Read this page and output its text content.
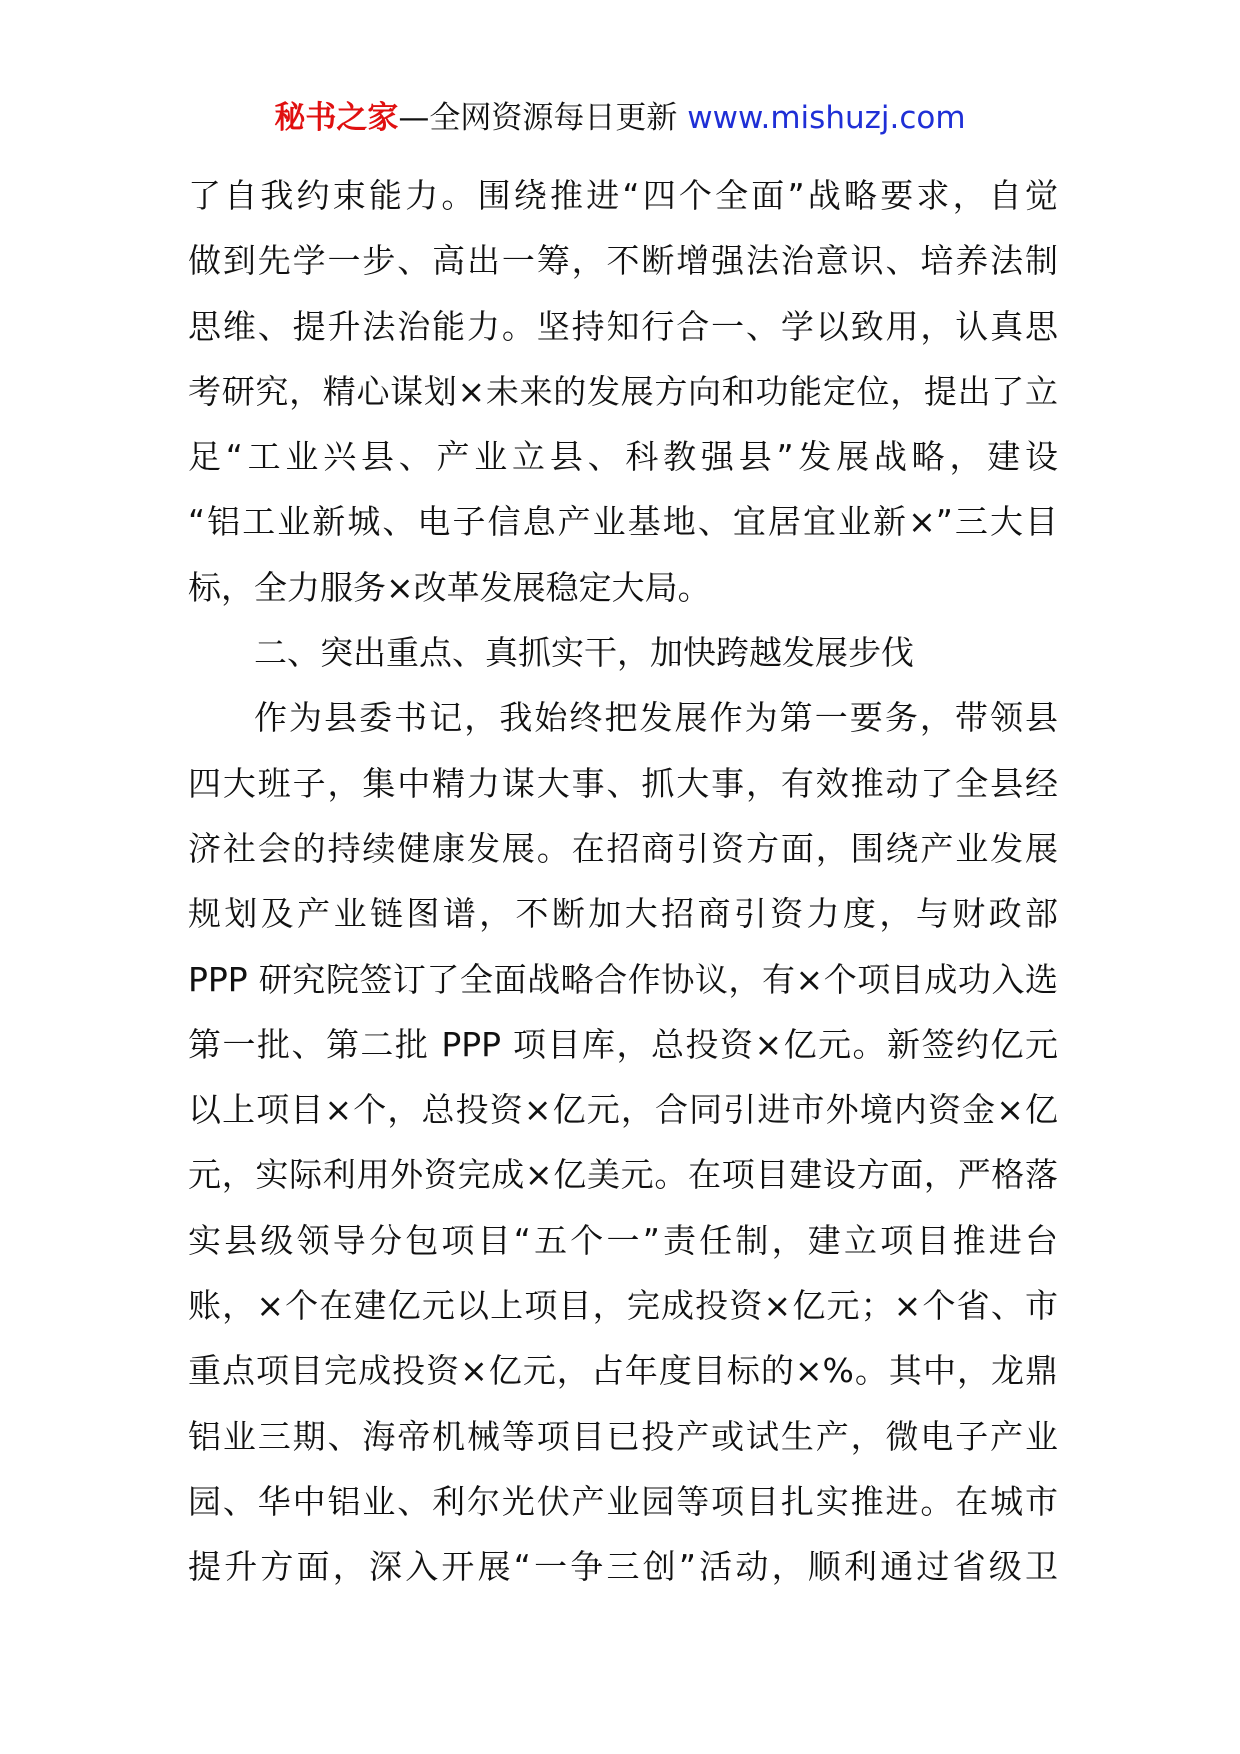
秘书之家—全网资源每日更新 www.mishuzj.com
了自我约束能力。围绕推进“四个全面”战略要求，自觉
做到先学一步、高出一筹，不断增强法治意识、培养法制
思维、提升法治能力。坚持知行合一、学以致用，认真思
考研究，精心谋划×未来的发展方向和功能定位，提出了立
足“工业兴县、产业立县、科教强县”发展战略，建设
“铝工业新城、电子信息产业基地、宜居宜业新×”三大目
标，全力服务×改革发展稳定大局。
二、突出重点、真抓实干，加快跨越发展步伐
作为县委书记，我始终把发展作为第一要务，带领县
四大班子，集中精力谋大事、抓大事，有效推动了全县经
济社会的持续健康发展。在招商引资方面，围绕产业发展
规划及产业链图谱，不断加大招商引资力度，与财政部
PPP 研究院签订了全面战略合作协议，有×个项目成功入选
第一批、第二批 PPP 项目库，总投资×亿元。新签约亿元
以上项目×个，总投资×亿元，合同引进市外境内资金×亿
元，实际利用外资完成×亿美元。在项目建设方面，严格落
实县级领导分包项目“五个一”责任制，建立项目推进台
账，×个在建亿元以上项目，完成投资×亿元；×个省、市
重点项目完成投资×亿元，占年度目标的×%。其中，龙鼎
铝业三期、海帝机械等项目已投产或试生产，微电子产业
园、华中铝业、利尔光伏产业园等项目扎实推进。在城市
提升方面，深入开展“一争三创”活动，顺利通过省级卫
